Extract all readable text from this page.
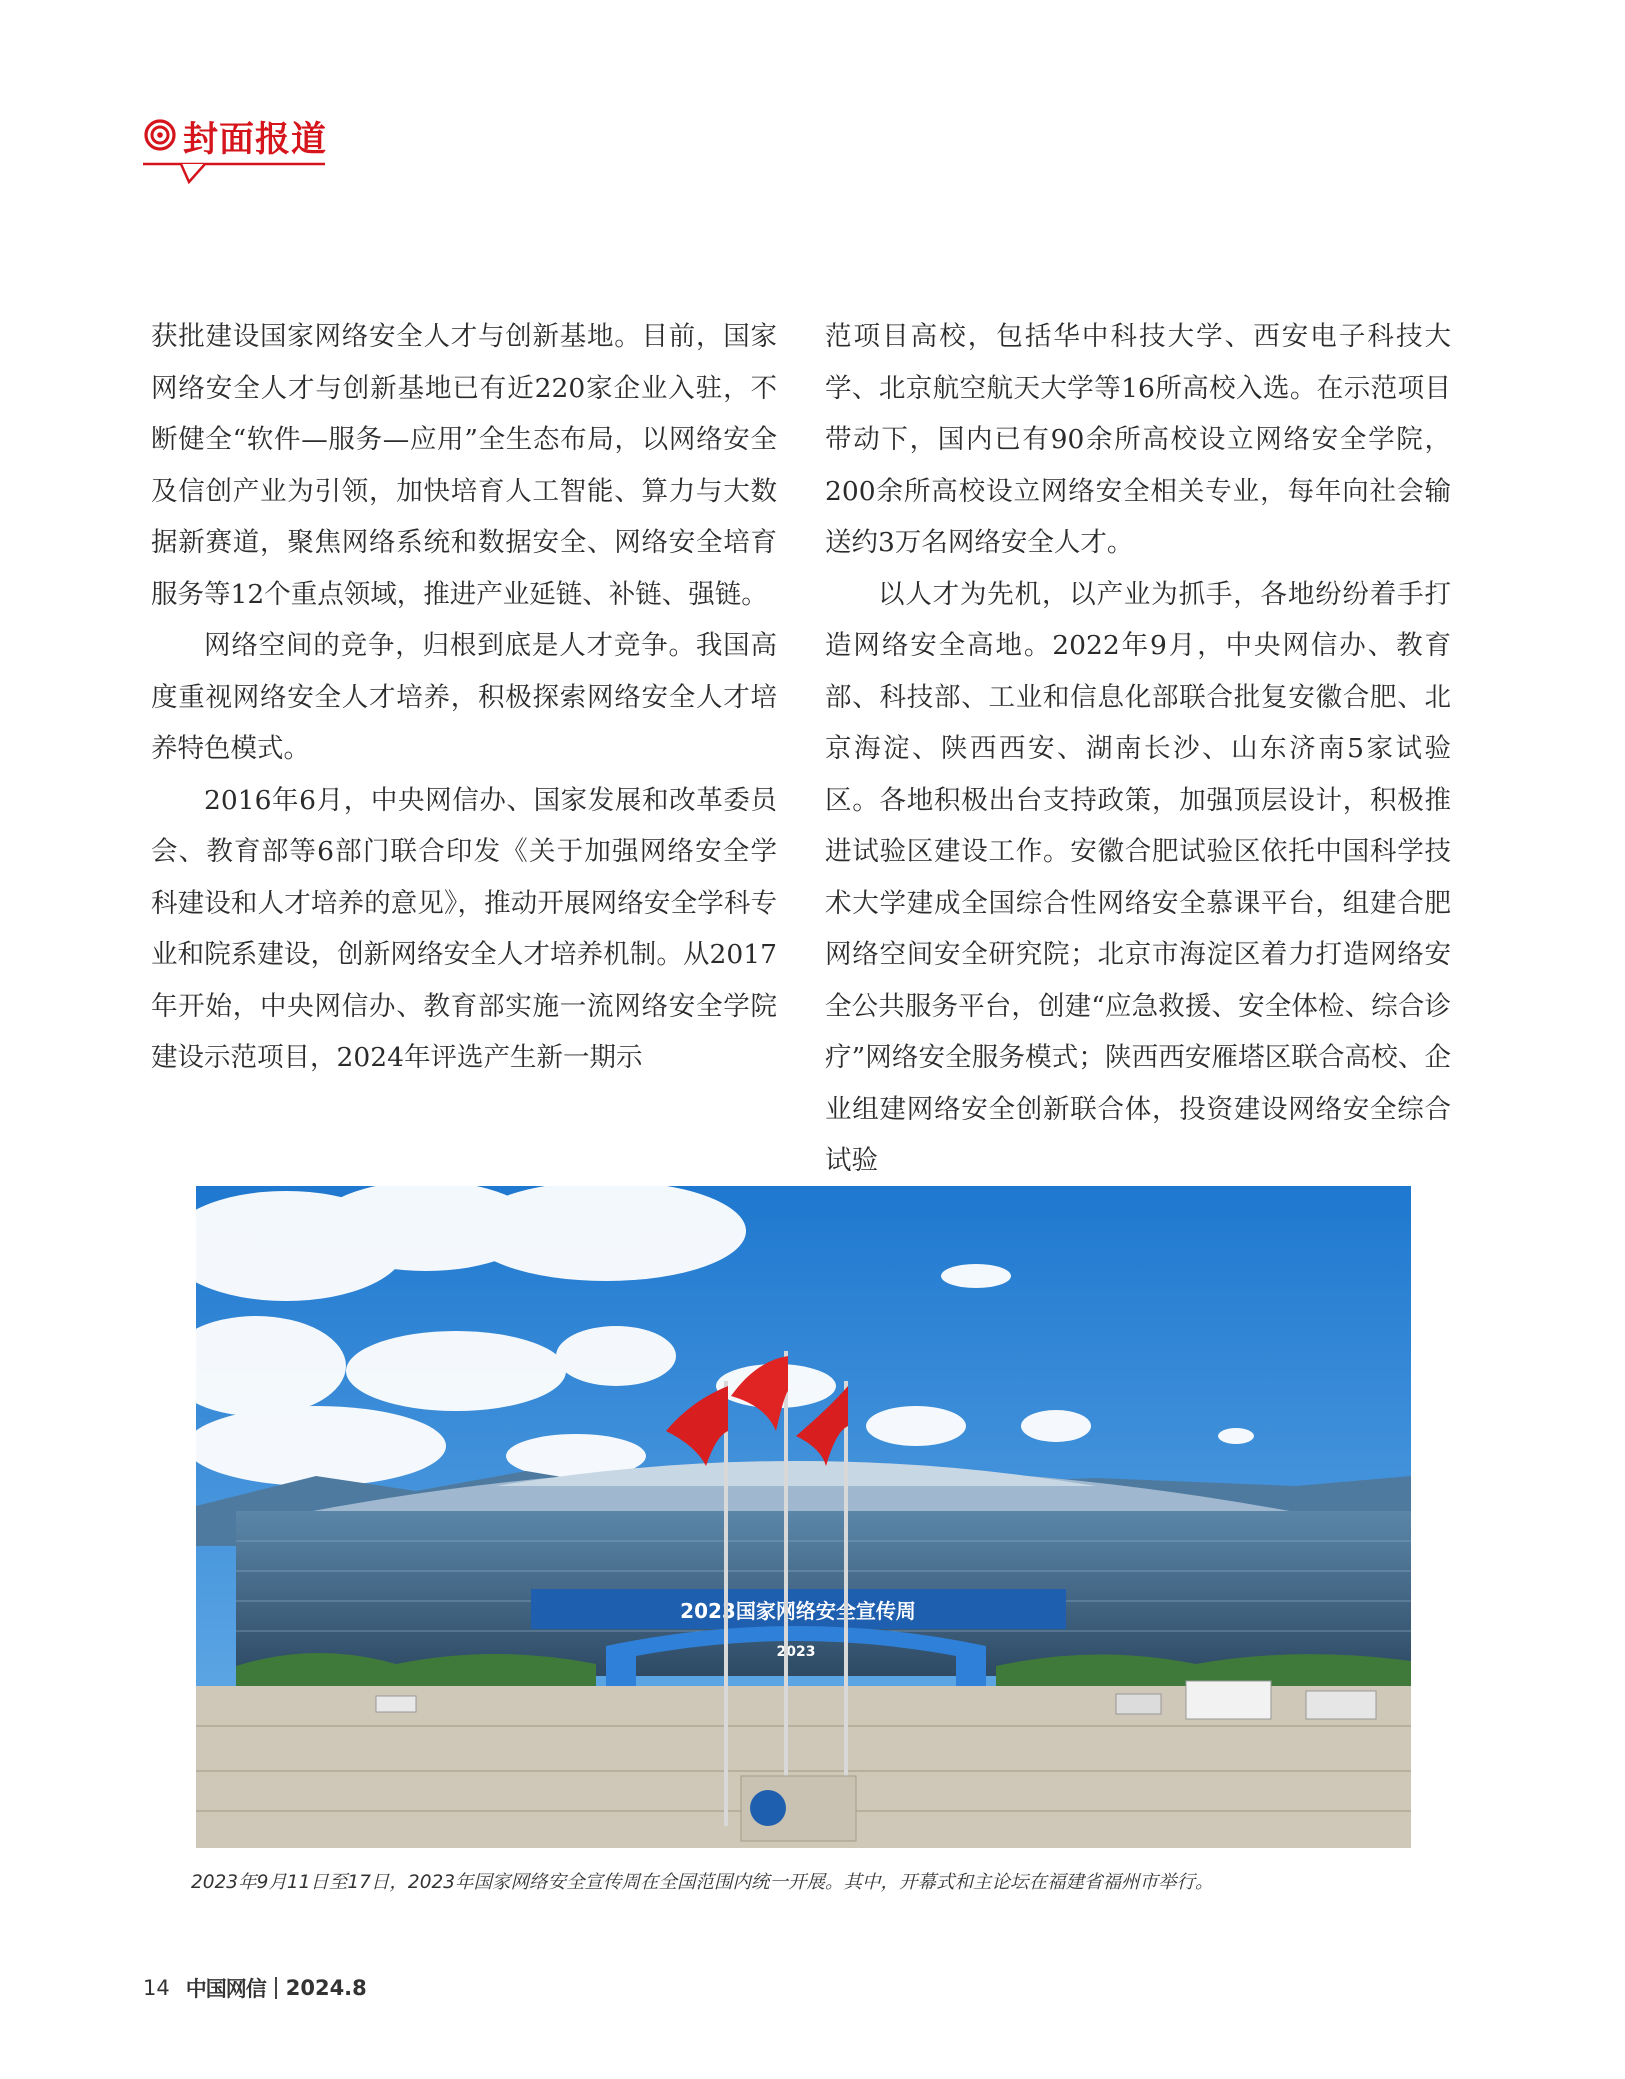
封面报道

获批建设国家网络安全人才与创新基地。目前，国家网络安全人才与创新基地已有近220家企业入驻，不断健全“软件—服务—应用”全生态布局，以网络安全及信创产业为引领，加快培育人工智能、算力与大数据新赛道，聚焦网络系统和数据安全、网络安全培育服务等12个重点领域，推进产业延链、补链、强链。

网络空间的竞争，归根到底是人才竞争。我国高度重视网络安全人才培养，积极探索网络安全人才培养特色模式。

2016年6月，中央网信办、国家发展和改革委员会、教育部等6部门联合印发《关于加强网络安全学科建设和人才培养的意见》，推动开展网络安全学科专业和院系建设，创新网络安全人才培养机制。从2017年开始，中央网信办、教育部实施一流网络安全学院建设示范项目，2024年评选产生新一期示

范项目高校，包括华中科技大学、西安电子科技大学、北京航空航天大学等16所高校入选。在示范项目带动下，国内已有90余所高校设立网络安全学院，200余所高校设立网络安全相关专业，每年向社会输送约3万名网络安全人才。

以人才为先机，以产业为抓手，各地纷纷着手打造网络安全高地。2022年9月，中央网信办、教育部、科技部、工业和信息化部联合批复安徽合肥、北京海淀、陕西西安、湖南长沙、山东济南5家试验区。各地积极出台支持政策，加强顶层设计，积极推进试验区建设工作。安徽合肥试验区依托中国科学技术大学建成全国综合性网络安全慕课平台，组建合肥网络空间安全研究院；北京市海淀区着力打造网络安全公共服务平台，创建“应急救援、安全体检、综合诊疗”网络安全服务模式；陕西西安雁塔区联合高校、企业组建网络安全创新联合体，投资建设网络安全综合试验

2023国家网络安全宣传周
2023
2023年9月11日至17日，2023年国家网络安全宣传周在全国范围内统一开展。其中，开幕式和主论坛在福建省福州市举行。
14 中国网信 2024.8
